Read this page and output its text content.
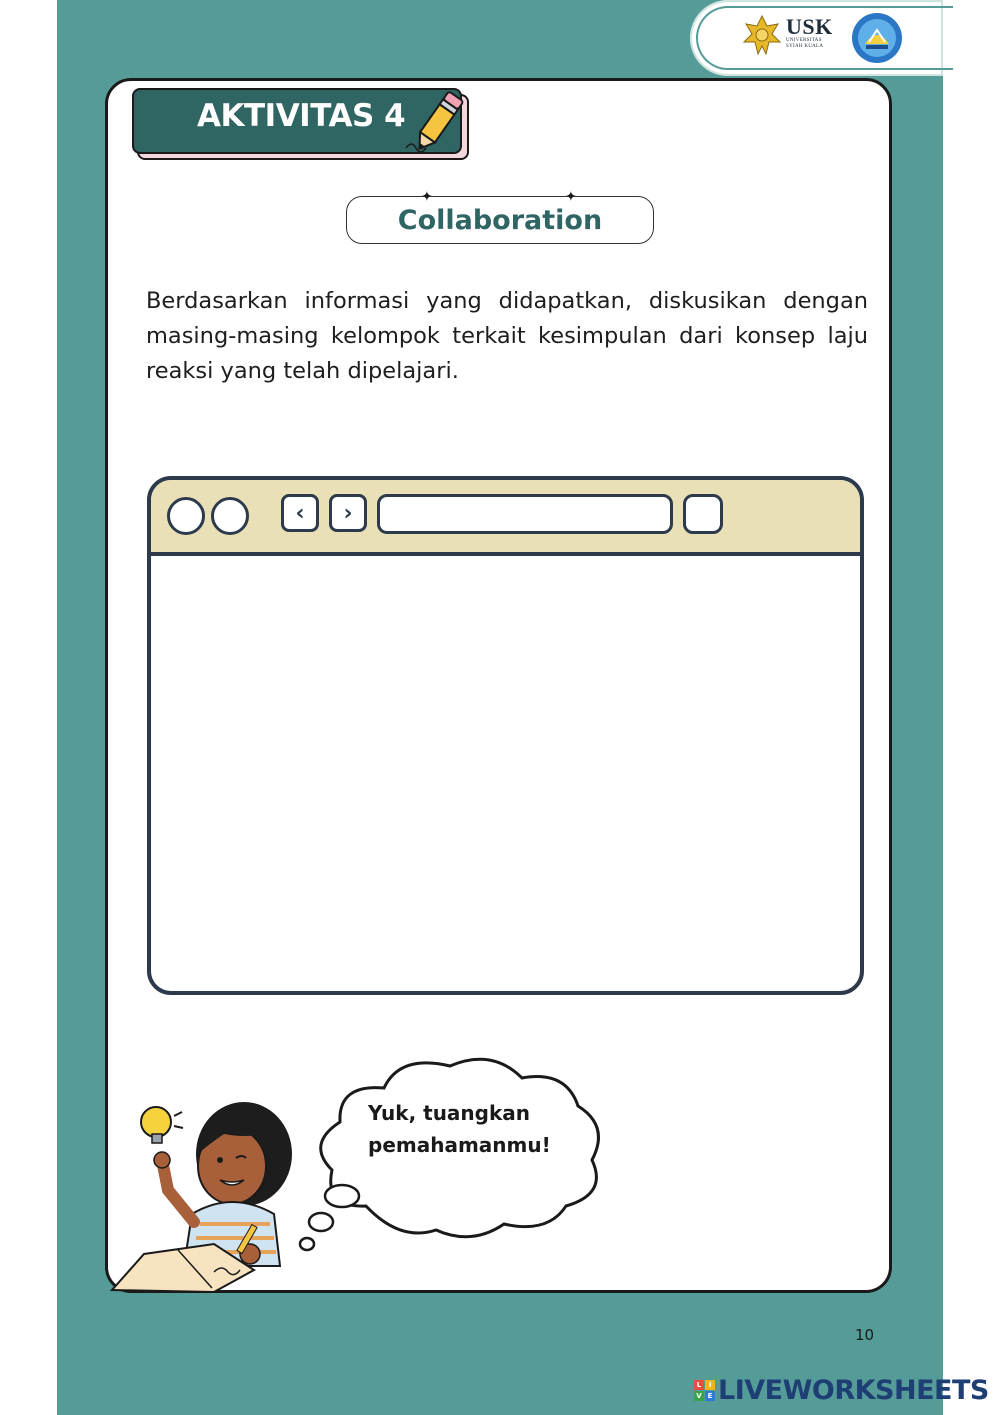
USK
UNIVERSITAS
SYIAH KUALA
AKTIVITAS 4
Collaboration
✦	✦

Berdasarkan informasi yang didapatkan, diskusikan dengan masing-masing kelompok terkait kesimpulan dari konsep laju reaksi yang telah dipelajari.

‹	›
Yuk, tuangkan
pemahamanmu!
10
L	I
V E LIVEWORKSHEETS
